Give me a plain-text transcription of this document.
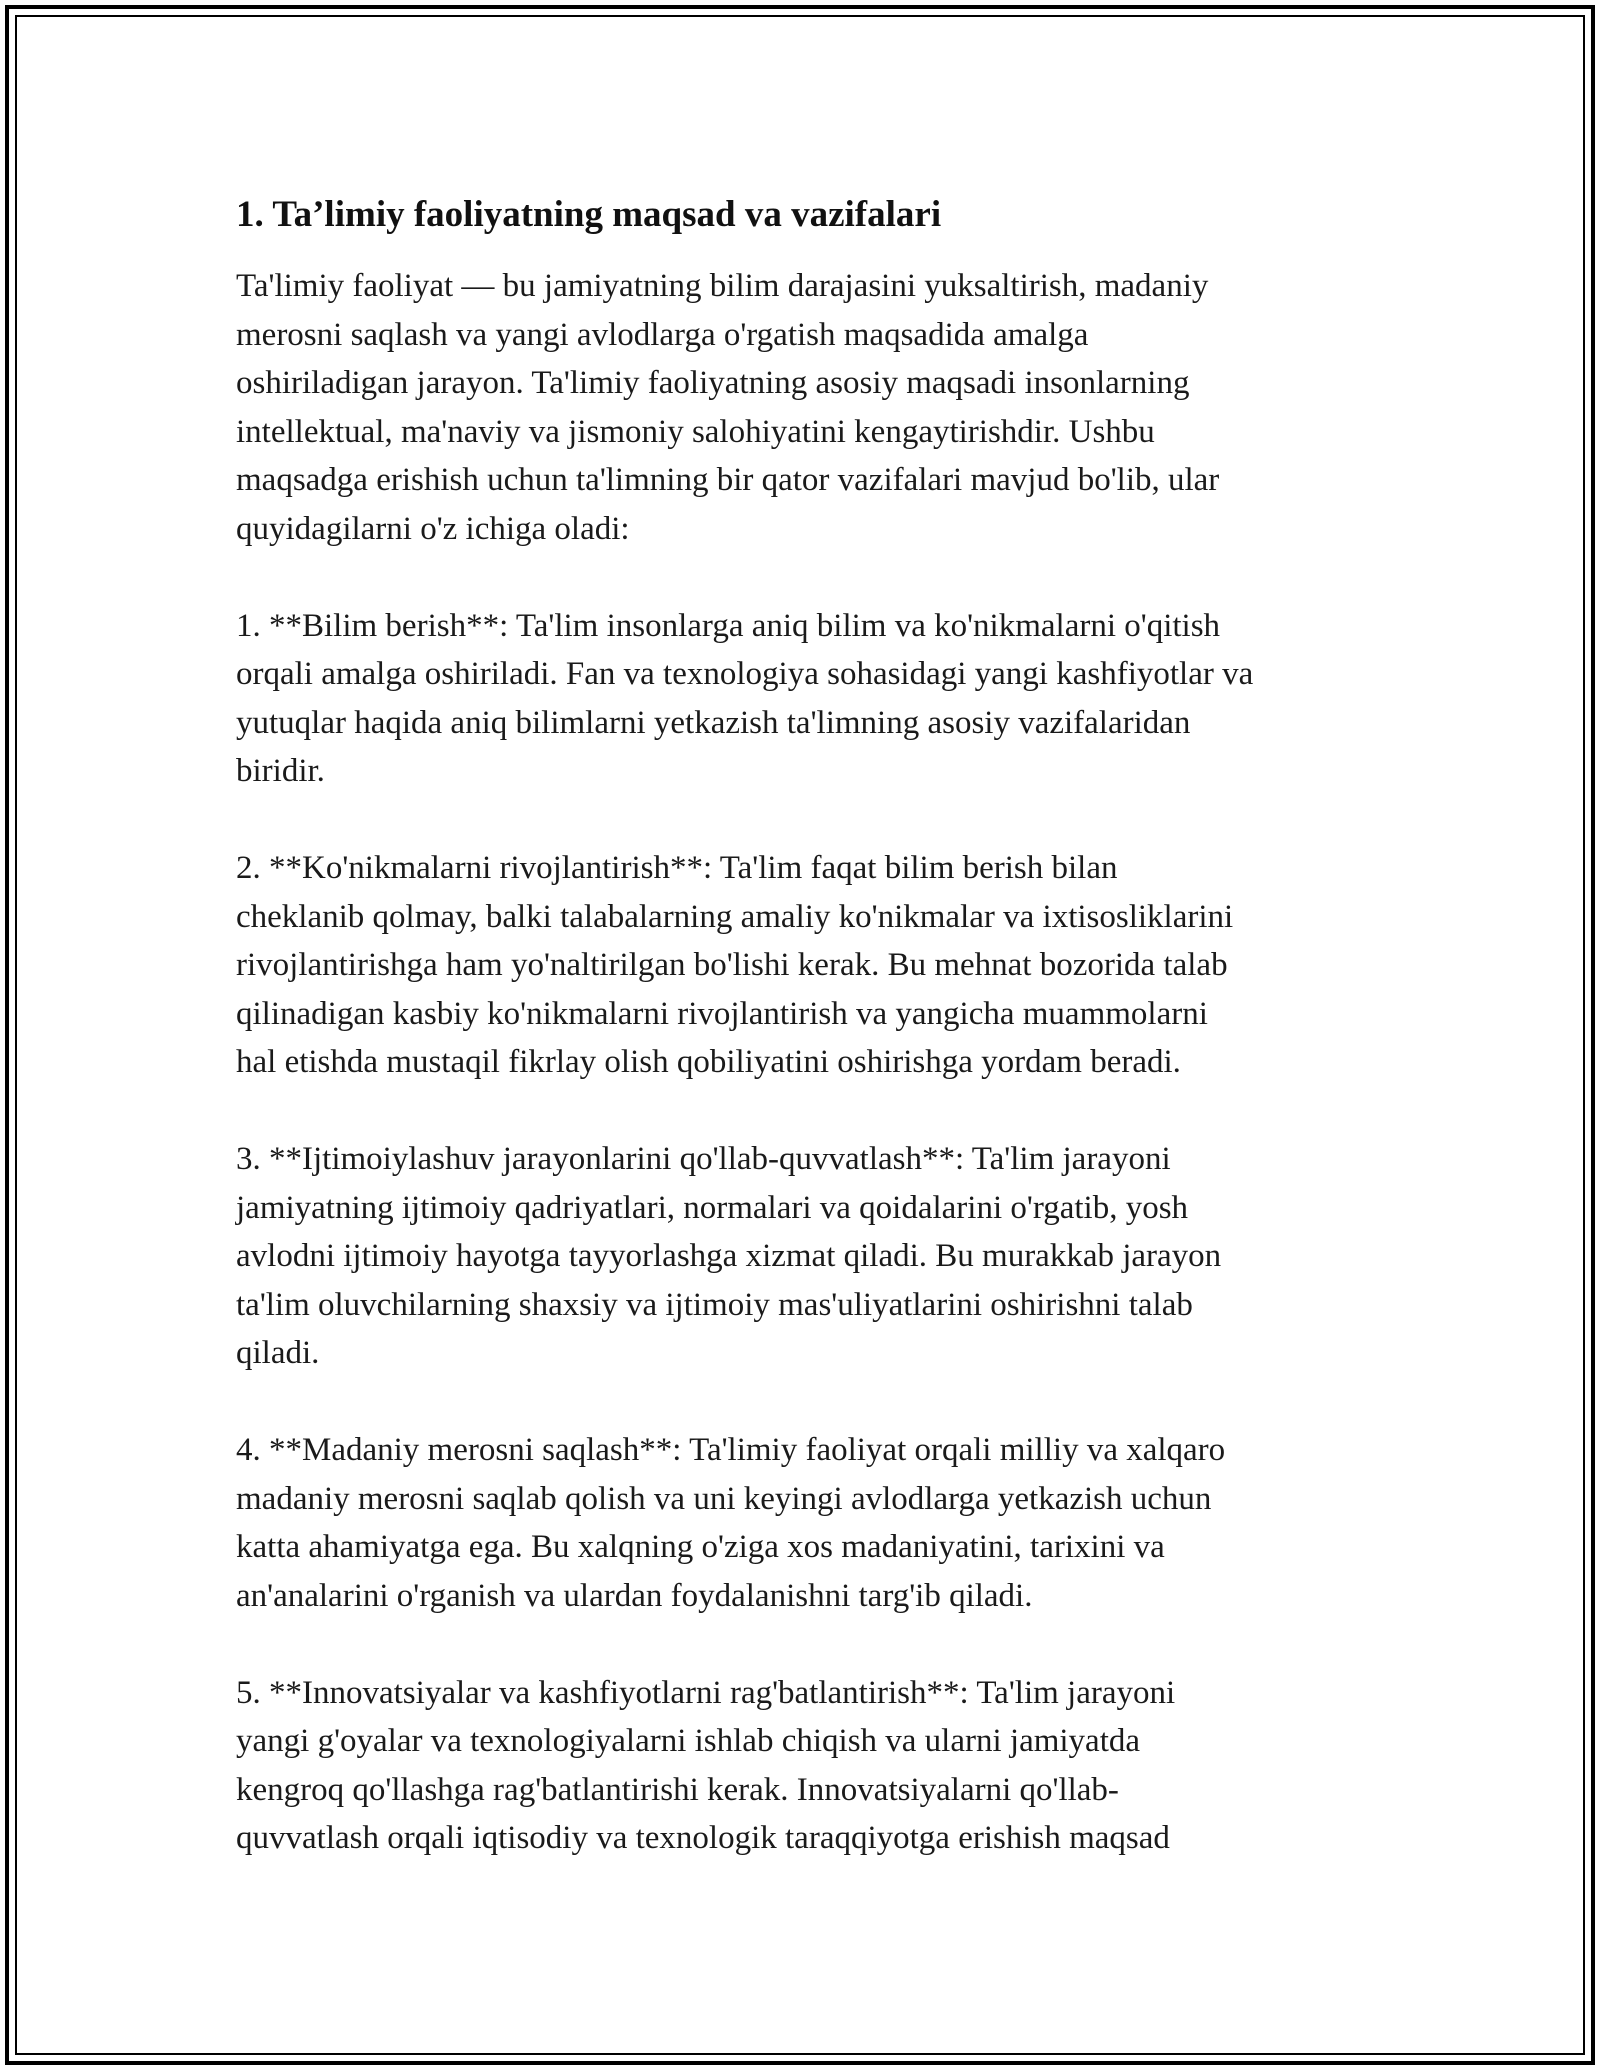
1. Ta’limiy faoliyatning maqsad va vazifalari

Ta'limiy faoliyat — bu jamiyatning bilim darajasini yuksaltirish, madaniy
merosni saqlash va yangi avlodlarga o'rgatish maqsadida amalga
oshiriladigan jarayon. Ta'limiy faoliyatning asosiy maqsadi insonlarning
intellektual, ma'naviy va jismoniy salohiyatini kengaytirishdir. Ushbu
maqsadga erishish uchun ta'limning bir qator vazifalari mavjud bo'lib, ular
quyidagilarni o'z ichiga oladi:

1. **Bilim berish**: Ta'lim insonlarga aniq bilim va ko'nikmalarni o'qitish
orqali amalga oshiriladi. Fan va texnologiya sohasidagi yangi kashfiyotlar va
yutuqlar haqida aniq bilimlarni yetkazish ta'limning asosiy vazifalaridan
biridir.

2. **Ko'nikmalarni rivojlantirish**: Ta'lim faqat bilim berish bilan
cheklanib qolmay, balki talabalarning amaliy ko'nikmalar va ixtisosliklarini
rivojlantirishga ham yo'naltirilgan bo'lishi kerak. Bu mehnat bozorida talab
qilinadigan kasbiy ko'nikmalarni rivojlantirish va yangicha muammolarni
hal etishda mustaqil fikrlay olish qobiliyatini oshirishga yordam beradi.

3. **Ijtimoiylashuv jarayonlarini qo'llab-quvvatlash**: Ta'lim jarayoni
jamiyatning ijtimoiy qadriyatlari, normalari va qoidalarini o'rgatib, yosh
avlodni ijtimoiy hayotga tayyorlashga xizmat qiladi. Bu murakkab jarayon
ta'lim oluvchilarning shaxsiy va ijtimoiy mas'uliyatlarini oshirishni talab
qiladi.

4. **Madaniy merosni saqlash**: Ta'limiy faoliyat orqali milliy va xalqaro
madaniy merosni saqlab qolish va uni keyingi avlodlarga yetkazish uchun
katta ahamiyatga ega. Bu xalqning o'ziga xos madaniyatini, tarixini va
an'analarini o'rganish va ulardan foydalanishni targ'ib qiladi.

5. **Innovatsiyalar va kashfiyotlarni rag'batlantirish**: Ta'lim jarayoni
yangi g'oyalar va texnologiyalarni ishlab chiqish va ularni jamiyatda
kengroq qo'llashga rag'batlantirishi kerak. Innovatsiyalarni qo'llab-
quvvatlash orqali iqtisodiy va texnologik taraqqiyotga erishish maqsad
